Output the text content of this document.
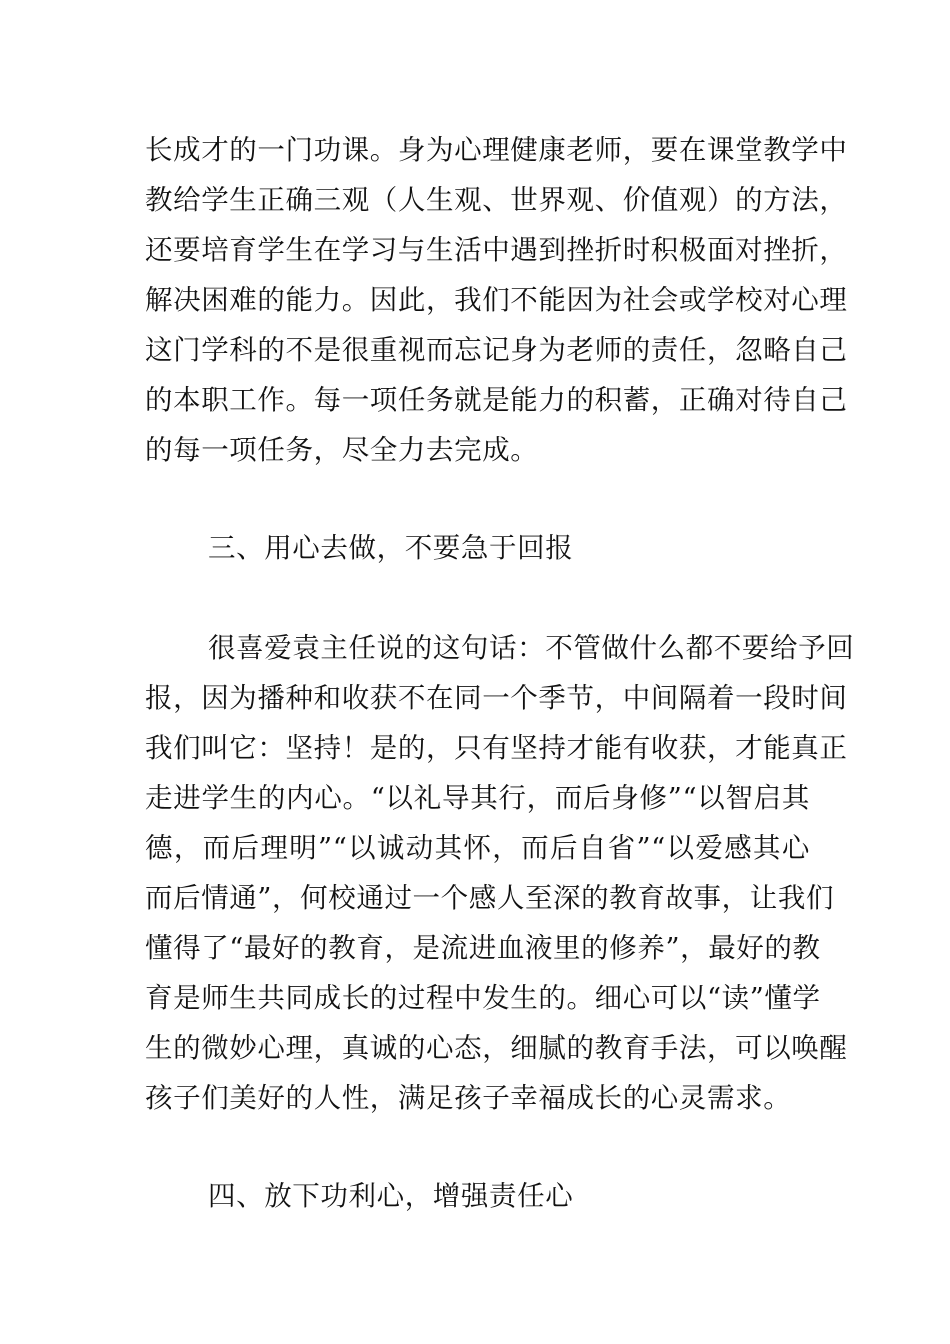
长成才的一门功课。身为心理健康老师，要在课堂教学中
教给学生正确三观（人生观、世界观、价值观）的方法，
还要培育学生在学习与生活中遇到挫折时积极面对挫折，
解决困难的能力。因此，我们不能因为社会或学校对心理
这门学科的不是很重视而忘记身为老师的责任，忽略自己
的本职工作。每一项任务就是能力的积蓄，正确对待自己
的每一项任务，尽全力去完成。
三、用心去做，不要急于回报
很喜爱袁主任说的这句话：不管做什么都不要给予回
报，因为播种和收获不在同一个季节，中间隔着一段时间
我们叫它：坚持！是的，只有坚持才能有收获，才能真正
走进学生的内心。“以礼导其行，而后身修”“以智启其
德，而后理明”“以诚动其怀，而后自省”“以爱感其心
而后情通”，何校通过一个感人至深的教育故事，让我们
懂得了“最好的教育，是流进血液里的修养”，最好的教
育是师生共同成长的过程中发生的。细心可以“读”懂学
生的微妙心理，真诚的心态，细腻的教育手法，可以唤醒
孩子们美好的人性，满足孩子幸福成长的心灵需求。
四、放下功利心，增强责任心
